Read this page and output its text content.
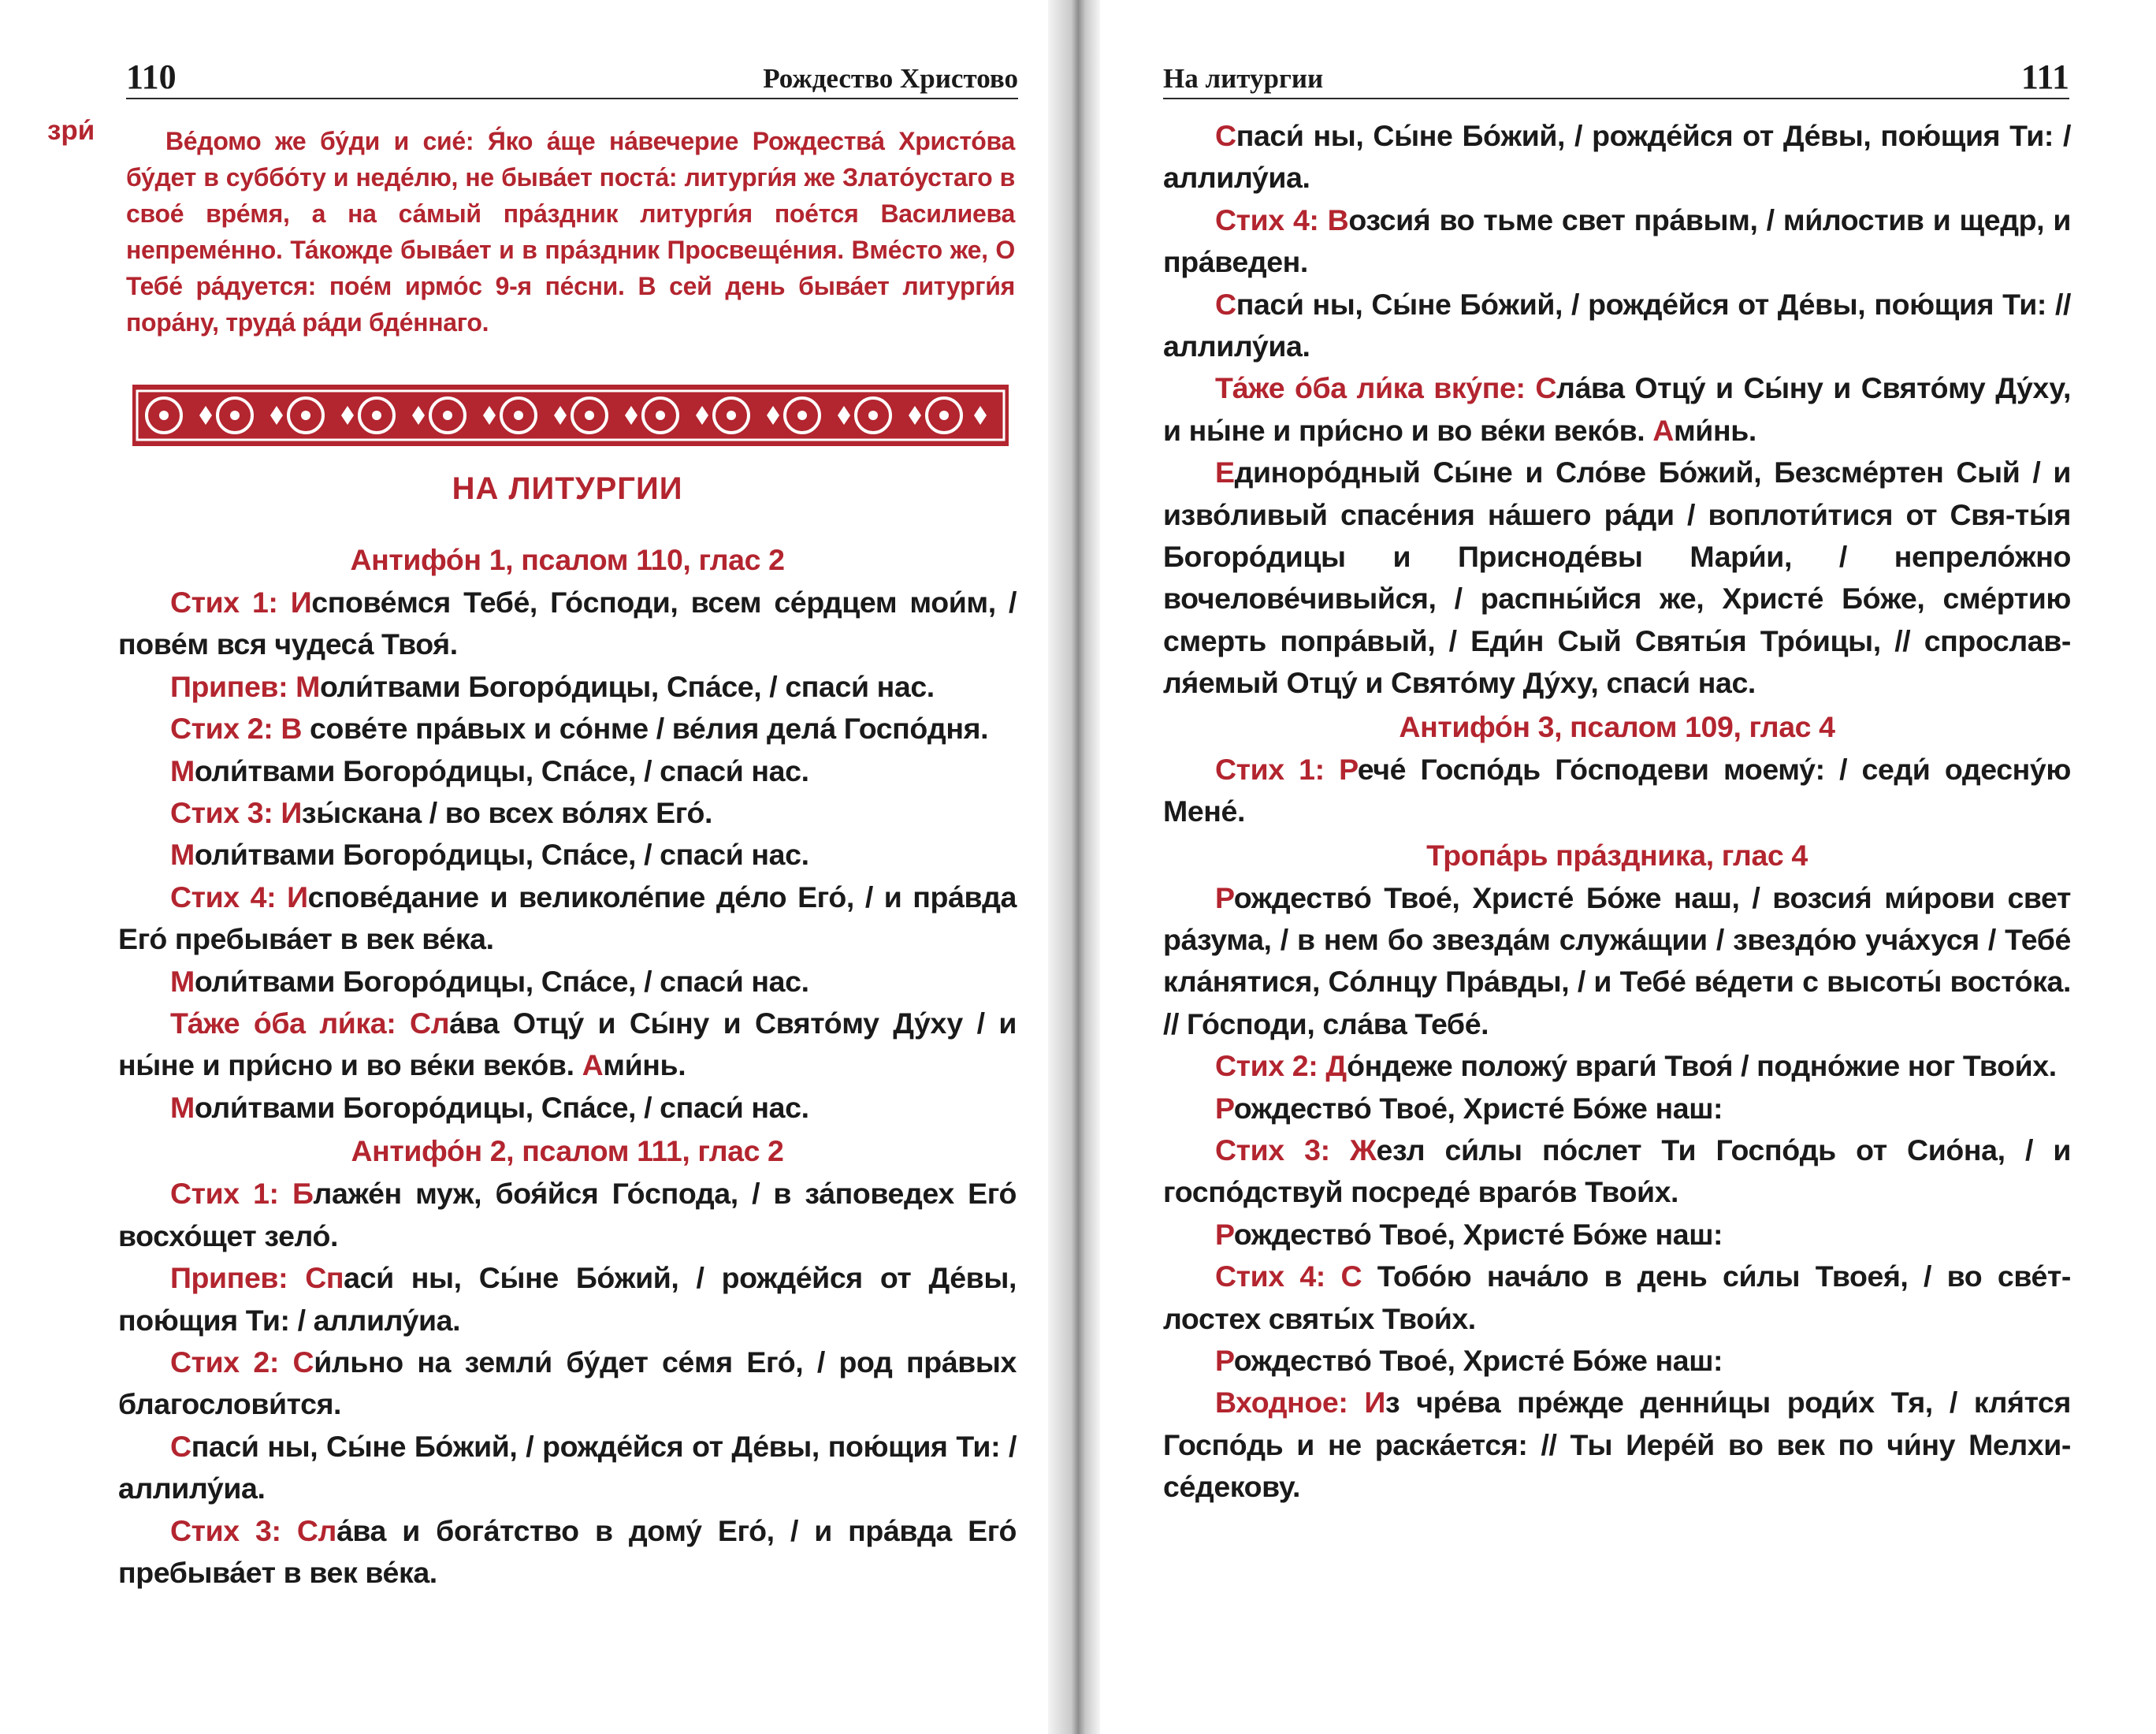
110	Рождество Христово
зри́	Ве́домо же бу́ди и сие́: Я́ко а́ще на́вечерие Рождества́ Христо́ва бу́дет в суббо́ту и неде́лю, не быва́ет поста́: литурги́я же Злато́устаго в свое́ вре́мя, а на са́мый пра́здник литурги́я пое́тся Василиева непреме́нно. Та́кожде быва́ет и в пра́здник Просвеще́ния. Вме́сто же, О Тебе́ ра́дуется: пое́м ирмо́с 9-я пе́сни. В сей день быва́ет литурги́я пора́ну, труда́ ра́ди бде́ннаго.

НА ЛИТУРГИИ
Антифо́н 1, псалом 110, глас 2

Стих 1: Испове́мся Тебе́, Го́споди, всем се́рдцем мои́м, / пове́м вся чудеса́ Твоя́.

Припев: Моли́твами Богоро́дицы, Спа́се, / спаси́ нас.

Стих 2: В сове́те пра́вых и со́нме / ве́лия дела́ Госпо́дня.

Моли́твами Богоро́дицы, Спа́се, / спаси́ нас.

Стих 3: Изы́скана / во всех во́лях Его́.

Моли́твами Богоро́дицы, Спа́се, / спаси́ нас.

Стих 4: Испове́дание и великоле́пие де́ло Его́, / и пра́вда Его́ пребыва́ет в век ве́ка.

Моли́твами Богоро́дицы, Спа́се, / спаси́ нас.

Та́же о́ба ли́ка: Сла́ва Отцу́ и Сы́ну и Свято́му Ду́ху / и ны́не и при́сно и во ве́ки веко́в. Ами́нь.

Моли́твами Богоро́дицы, Спа́се, / спаси́ нас.

Антифо́н 2, псалом 111, глас 2

Стих 1: Блаже́н муж, боя́йся Го́спода, / в за́поведех Его́ восхо́щет зело́.

Припев: Спаси́ ны, Сы́не Бо́жий, / рожде́йся от Де́вы, пою́щия Ти: / аллилу́иа.

Стих 2: Си́льно на земли́ бу́дет се́мя Его́, / род пра́вых благослови́тся.

Спаси́ ны, Сы́не Бо́жий, / рожде́йся от Де́вы, пою́щия Ти: / аллилу́иа.

Стих 3: Сла́ва и бога́тство в дому́ Его́, / и пра́вда Его́ пребыва́ет в век ве́ка.

На литургии	111

Спаси́ ны, Сы́не Бо́жий, / рожде́йся от Де́вы, пою́щия Ти: / аллилу́иа.

Стих 4: Возсия́ во тьме свет пра́вым, / ми́лостив и щедр, и пра́веден.

Спаси́ ны, Сы́не Бо́жий, / рожде́йся от Де́вы, пою́щия Ти: // аллилу́иа.

Та́же о́ба ли́ка вку́пе: Сла́ва Отцу́ и Сы́ну и Свято́му Ду́ху, и ны́не и при́сно и во ве́ки веко́в. Ами́нь.

Единоро́дный Сы́не и Сло́ве Бо́жий, Безсме́ртен Сый / и изво́ливый спасе́ния на́шего ра́ди / воплоти́тися от Свя-ты́я Богоро́дицы и Присноде́вы Мари́и, / непрело́жно вочелове́чивыйся, / распны́йся же, Христе́ Бо́же, сме́ртию смерть попра́вый, / Еди́н Сый Святы́я Тро́ицы, // спрослав-ля́емый Отцу́ и Свято́му Ду́ху, спаси́ нас.

Антифо́н 3, псалом 109, глас 4

Стих 1: Рече́ Госпо́дь Го́сподеви моему́: / седи́ одесну́ю Мене́.

Тропа́рь пра́здника, глас 4

Рождество́ Твое́, Христе́ Бо́же наш, / возсия́ ми́рови свет ра́зума, / в нем бо звезда́м служа́щии / звездо́ю уча́хуся / Тебе́ кла́нятися, Со́лнцу Пра́вды, / и Тебе́ ве́дети с высоты́ восто́ка. // Го́споди, сла́ва Тебе́.

Стих 2: До́ндеже положу́ враги́ Твоя́ / подно́жие ног Твои́х.

Рождество́ Твое́, Христе́ Бо́же наш:

Стих 3: Жезл си́лы по́слет Ти Госпо́дь от Сио́на, / и госпо́дствуй посреде́ враго́в Твои́х.

Рождество́ Твое́, Христе́ Бо́же наш:

Стих 4: С Тобо́ю нача́ло в день си́лы Твоея́, / во све́т-лостех святы́х Твои́х.

Рождество́ Твое́, Христе́ Бо́же наш:

Входное: Из чре́ва пре́жде денни́цы роди́х Тя, / кля́тся Госпо́дь и не раска́ется: // Ты Иере́й во век по чи́ну Мелхи-се́декову.
